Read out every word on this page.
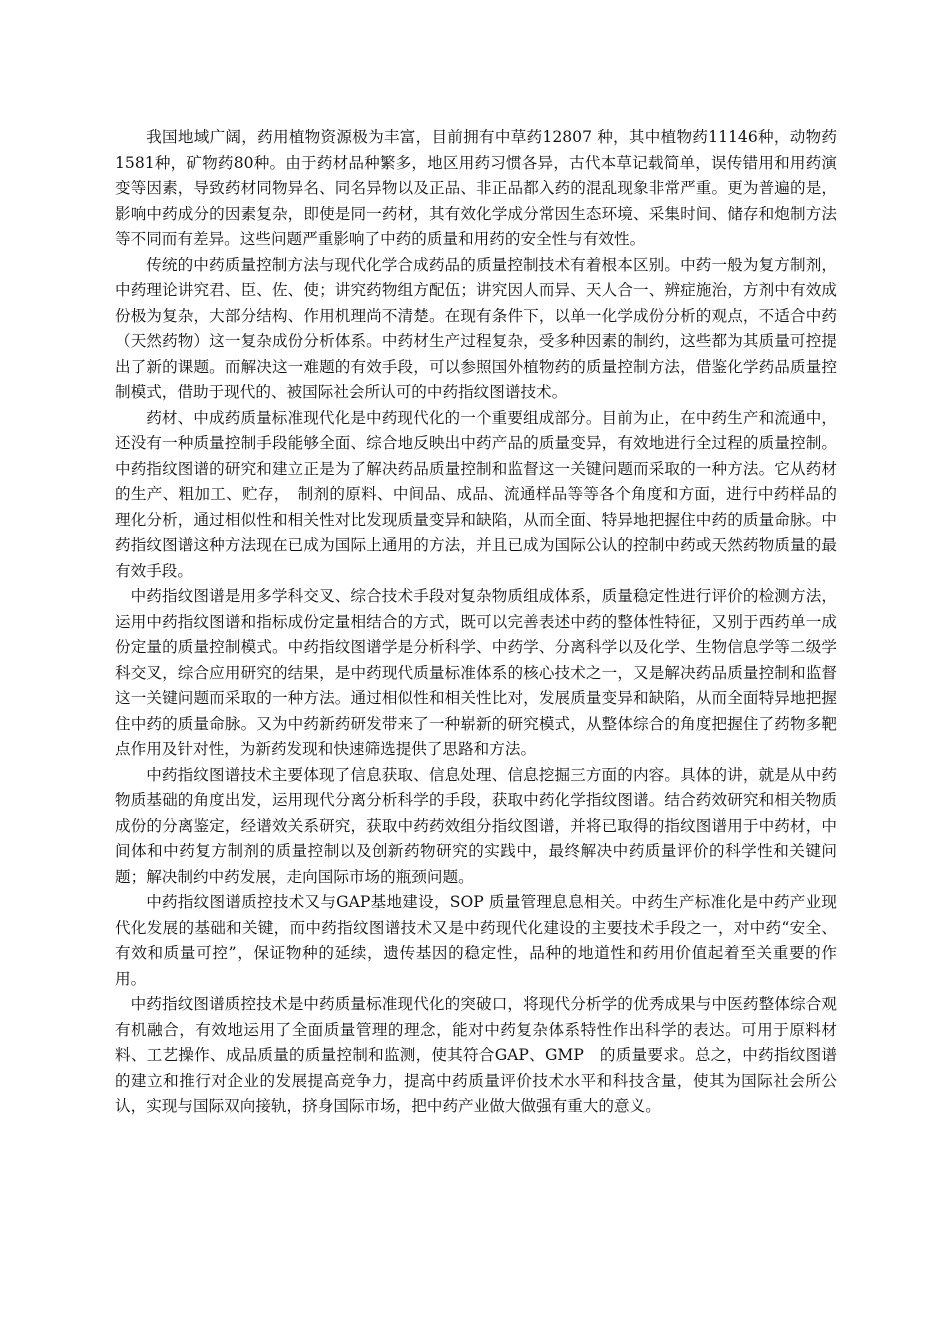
我国地域广阔，药用植物资源极为丰富，目前拥有中草药12807 种，其中植物药11146种，动物药1581种，矿物药80种。由于药材品种繁多，地区用药习惯各异，古代本草记载简单，误传错用和用药演变等因素，导致药材同物异名、同名异物以及正品、非正品都入药的混乱现象非常严重。更为普遍的是，影响中药成分的因素复杂，即使是同一药材，其有效化学成分常因生态环境、采集时间、储存和炮制方法等不同而有差异。这些问题严重影响了中药的质量和用药的安全性与有效性。

传统的中药质量控制方法与现代化学合成药品的质量控制技术有着根本区别。中药一般为复方制剂，中药理论讲究君、臣、佐、使；讲究药物组方配伍；讲究因人而异、天人合一、辨症施治，方剂中有效成份极为复杂，大部分结构、作用机理尚不清楚。在现有条件下，以单一化学成份分析的观点，不适合中药（天然药物）这一复杂成份分析体系。中药材生产过程复杂，受多种因素的制约，这些都为其质量可控提出了新的课题。而解决这一难题的有效手段，可以参照国外植物药的质量控制方法，借鉴化学药品质量控制模式，借助于现代的、被国际社会所认可的中药指纹图谱技术。

药材、中成药质量标准现代化是中药现代化的一个重要组成部分。目前为止，在中药生产和流通中，还没有一种质量控制手段能够全面、综合地反映出中药产品的质量变异，有效地进行全过程的质量控制。中药指纹图谱的研究和建立正是为了解决药品质量控制和监督这一关键问题而采取的一种方法。它从药材的生产、粗加工、贮存，　制剂的原料、中间品、成品、流通样品等等各个角度和方面，进行中药样品的理化分析，通过相似性和相关性对比发现质量变异和缺陷，从而全面、特异地把握住中药的质量命脉。中药指纹图谱这种方法现在已成为国际上通用的方法，并且已成为国际公认的控制中药或天然药物质量的最有效手段。

中药指纹图谱是用多学科交叉、综合技术手段对复杂物质组成体系，质量稳定性进行评价的检测方法，运用中药指纹图谱和指标成份定量相结合的方式，既可以完善表述中药的整体性特征，又别于西药单一成份定量的质量控制模式。中药指纹图谱学是分析科学、中药学、分离科学以及化学、生物信息学等二级学科交叉，综合应用研究的结果，是中药现代质量标准体系的核心技术之一，又是解决药品质量控制和监督这一关键问题而采取的一种方法。通过相似性和相关性比对，发展质量变异和缺陷，从而全面特异地把握住中药的质量命脉。又为中药新药研发带来了一种崭新的研究模式，从整体综合的角度把握住了药物多靶点作用及针对性，为新药发现和快速筛选提供了思路和方法。

中药指纹图谱技术主要体现了信息获取、信息处理、信息挖掘三方面的内容。具体的讲，就是从中药物质基础的角度出发，运用现代分离分析科学的手段，获取中药化学指纹图谱。结合药效研究和相关物质成份的分离鉴定，经谱效关系研究，获取中药药效组分指纹图谱，并将已取得的指纹图谱用于中药材，中间体和中药复方制剂的质量控制以及创新药物研究的实践中，最终解决中药质量评价的科学性和关键问题；解决制约中药发展，走向国际市场的瓶颈问题。

中药指纹图谱质控技术又与GAP基地建设，SOP 质量管理息息相关。中药生产标准化是中药产业现代化发展的基础和关键，而中药指纹图谱技术又是中药现代化建设的主要技术手段之一，对中药“安全、有效和质量可控”，保证物种的延续，遗传基因的稳定性，品种的地道性和药用价值起着至关重要的作用。

中药指纹图谱质控技术是中药质量标准现代化的突破口，将现代分析学的优秀成果与中医药整体综合观有机融合，有效地运用了全面质量管理的理念，能对中药复杂体系特性作出科学的表达。可用于原料材料、工艺操作、成品质量的质量控制和监测，使其符合GAP、GMP　的质量要求。总之，中药指纹图谱的建立和推行对企业的发展提高竞争力，提高中药质量评价技术水平和科技含量，使其为国际社会所公认，实现与国际双向接轨，挤身国际市场，把中药产业做大做强有重大的意义。
